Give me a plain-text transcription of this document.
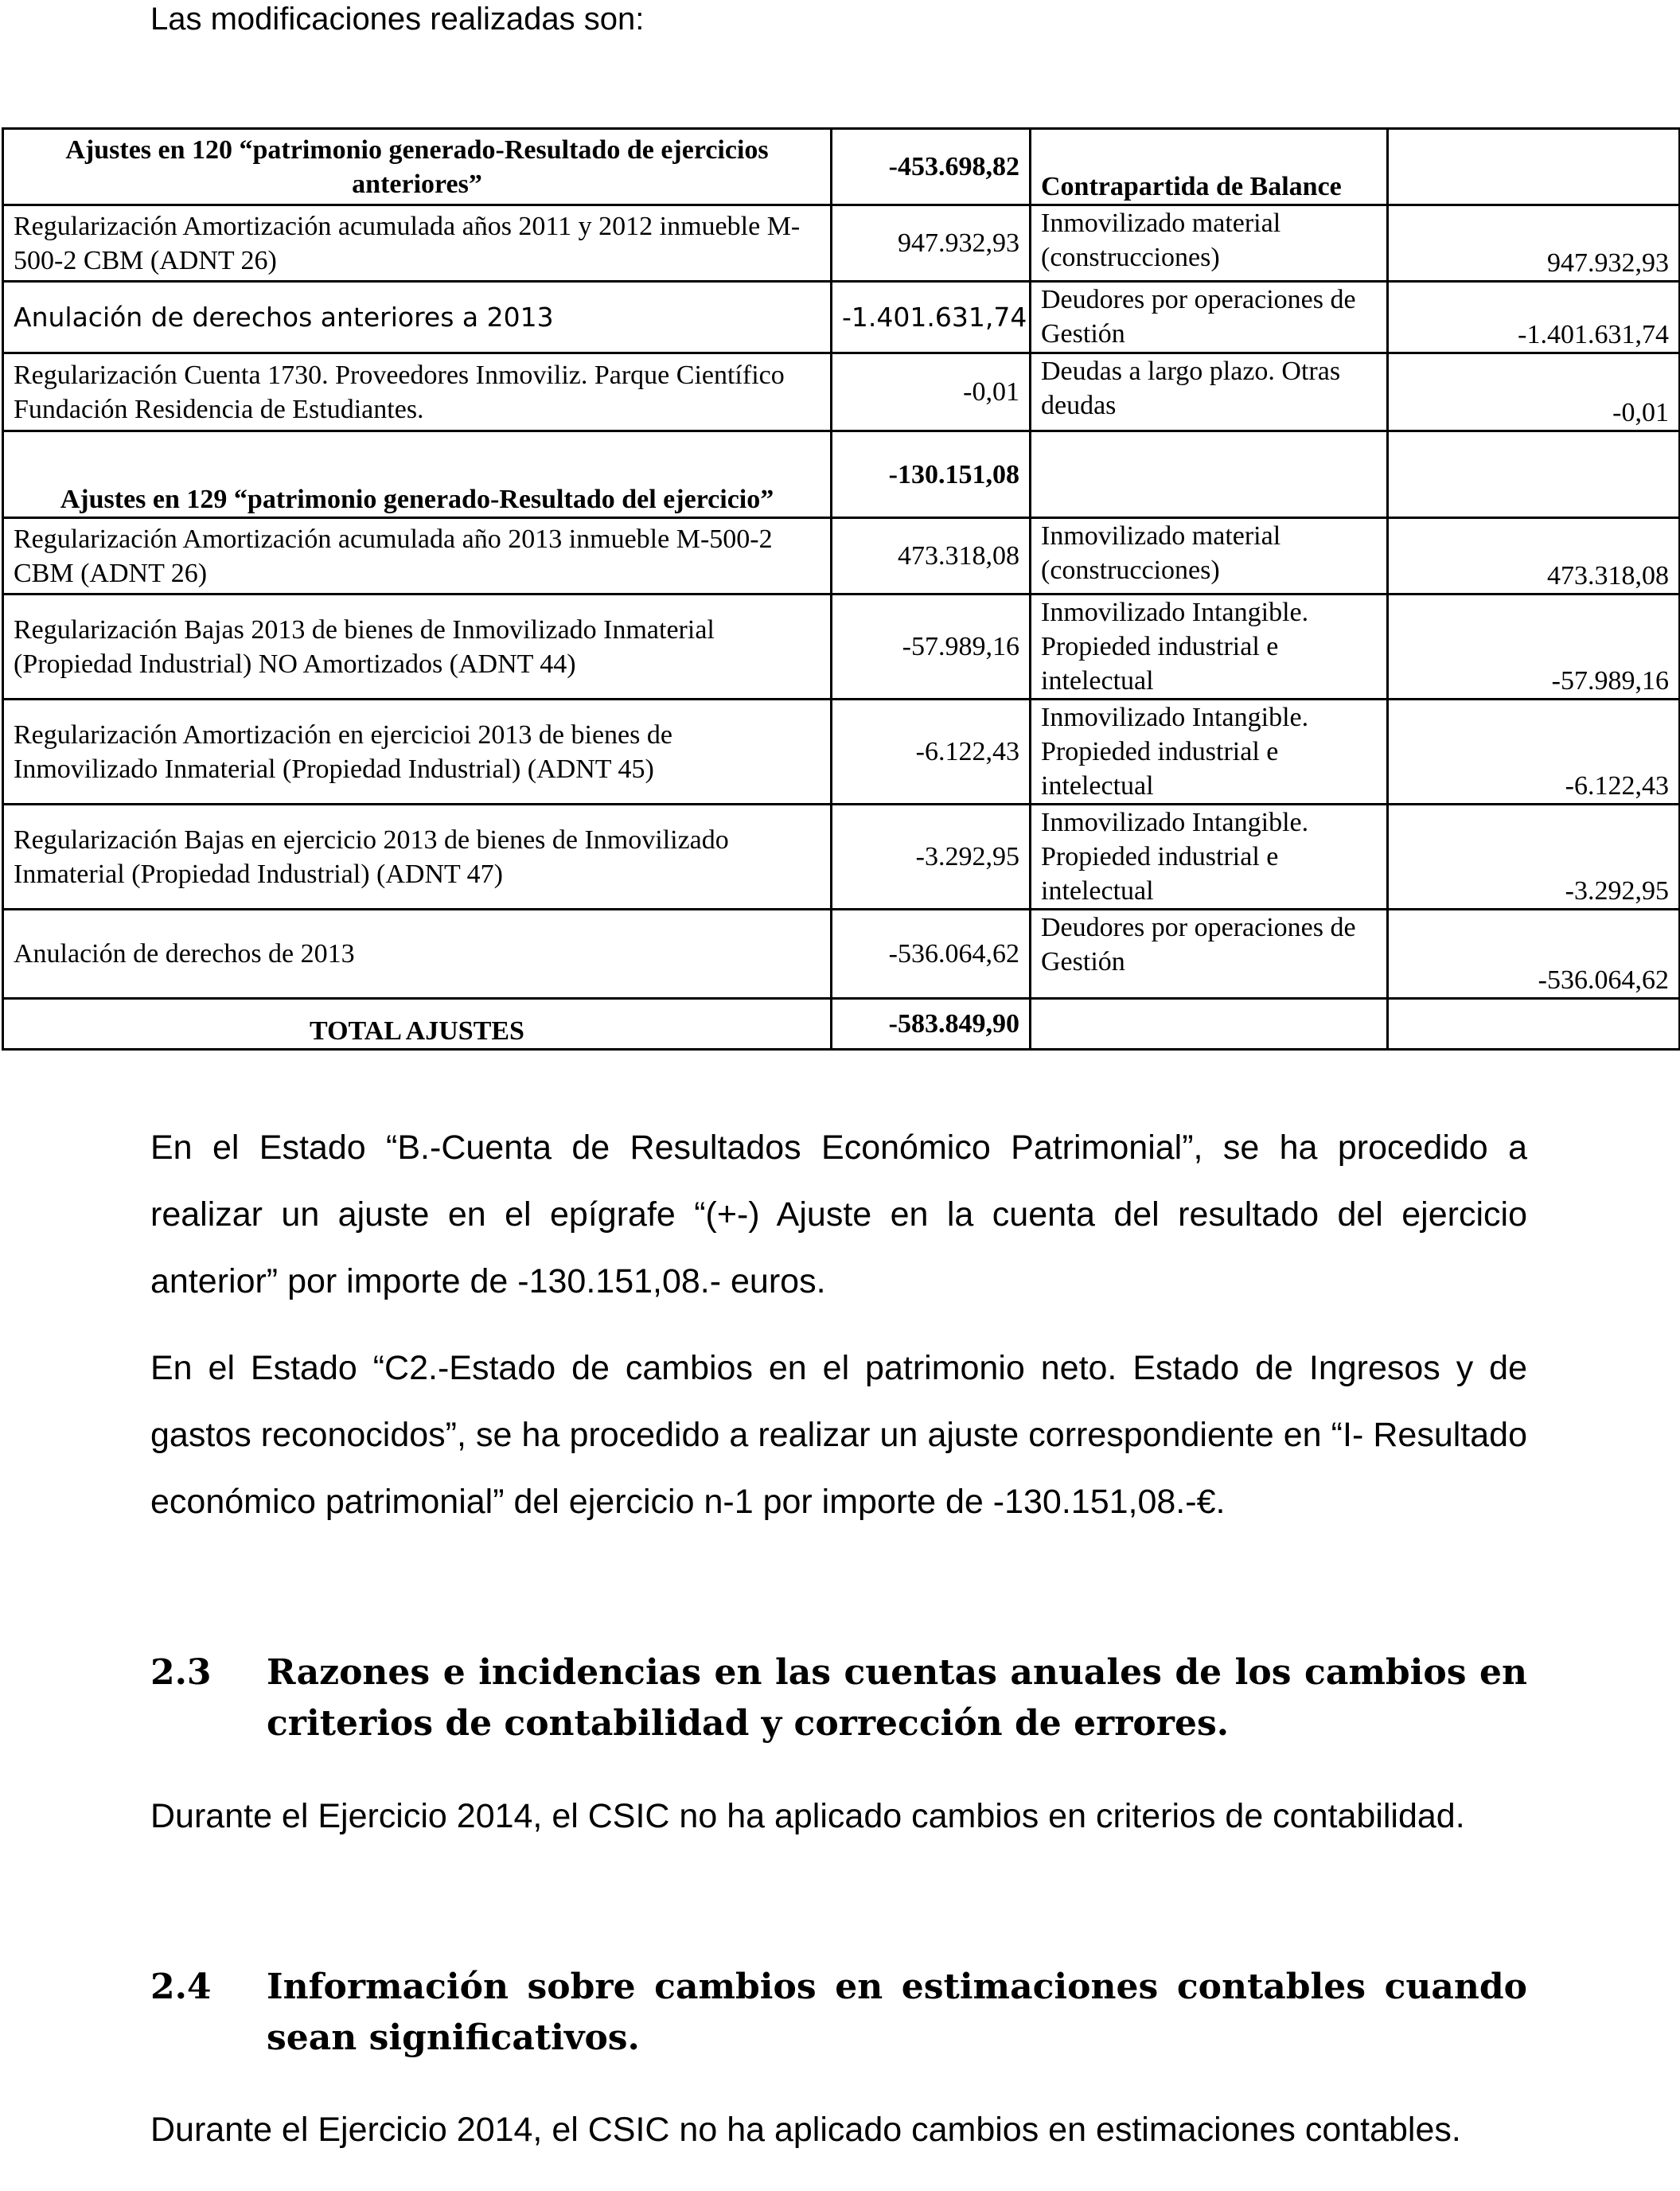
Las modificaciones realizadas son:
Ajustes en 120 “patrimonio generado-Resultado de ejercicios anteriores”	-453.698,82	Contrapartida de Balance	
Regularización Amortización acumulada años 2011 y 2012 inmueble M-500-2 CBM (ADNT 26)	947.932,93	Inmovilizado material (construcciones)	947.932,93
Anulación de derechos anteriores a 2013	-1.401.631,74	Deudores por operaciones de Gestión	-1.401.631,74
Regularización Cuenta 1730. Proveedores Inmoviliz. Parque Científico Fundación Residencia de Estudiantes.	-0,01	Deudas a largo plazo. Otras deudas	-0,01
Ajustes en 129 “patrimonio generado-Resultado del ejercicio”	-130.151,08		
Regularización Amortización acumulada año 2013 inmueble M-500-2 CBM (ADNT 26)	473.318,08	Inmovilizado material (construcciones)	473.318,08
Regularización Bajas 2013 de bienes de Inmovilizado Inmaterial (Propiedad Industrial) NO Amortizados (ADNT 44)	-57.989,16	Inmovilizado Intangible. Propieded industrial e intelectual	-57.989,16
Regularización Amortización en ejercicioi 2013 de bienes de Inmovilizado Inmaterial (Propiedad Industrial) (ADNT 45)	-6.122,43	Inmovilizado Intangible. Propieded industrial e intelectual	-6.122,43
Regularización Bajas en ejercicio 2013 de bienes de Inmovilizado Inmaterial (Propiedad Industrial) (ADNT 47)	-3.292,95	Inmovilizado Intangible. Propieded industrial e intelectual	-3.292,95
Anulación de derechos de 2013	-536.064,62	Deudores por operaciones de Gestión	-536.064,62
TOTAL AJUSTES	-583.849,90		
En el Estado “B.-Cuenta de Resultados Económico Patrimonial”, se ha procedido a realizar un ajuste en el epígrafe “(+-) Ajuste en la cuenta del resultado del ejercicio anterior” por importe de -130.151,08.- euros.
En el Estado “C2.-Estado de cambios en el patrimonio neto. Estado de Ingresos y de gastos reconocidos”, se ha procedido a realizar un ajuste correspondiente en “I- Resultado económico patrimonial” del ejercicio n-1 por importe de -130.151,08.-€.
2.3 Razones e incidencias en las cuentas anuales de los cambios en criterios de contabilidad y corrección de errores.
Durante el Ejercicio 2014, el CSIC no ha aplicado cambios en criterios de contabilidad.
2.4 Información sobre cambios en estimaciones contables cuando sean significativos.
Durante el Ejercicio 2014, el CSIC no ha aplicado cambios en estimaciones contables.
